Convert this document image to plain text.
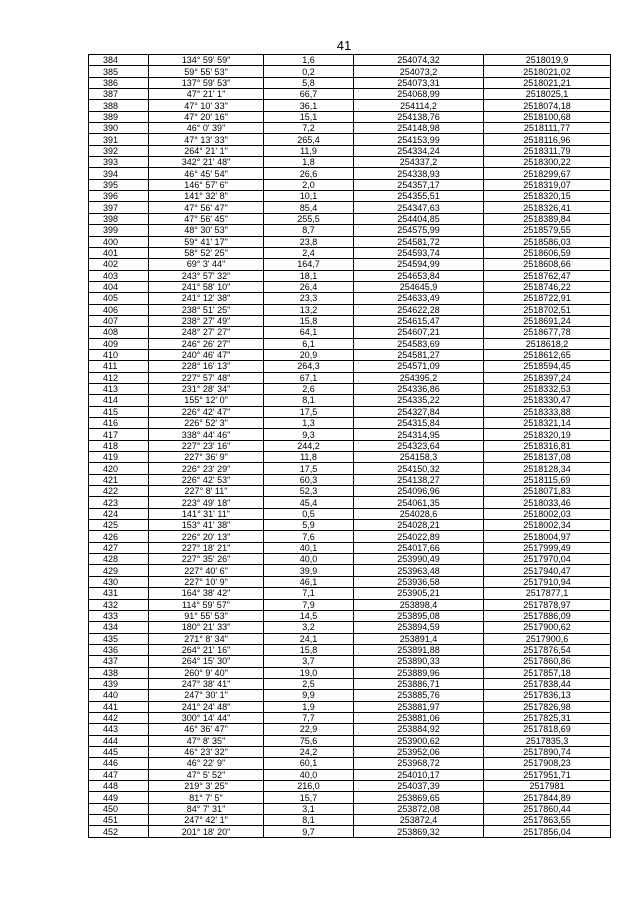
41
384	134° 59' 59"	1,6	254074,32	2518019,9
385	59° 55' 53"	0,2	254073,2	2518021,02
386	137° 59' 53"	5,8	254073,31	2518021,21
387	47° 21' 1"	66,7	254068,99	2518025,1
388	47° 10' 33"	36,1	254114,2	2518074,18
389	47° 20' 16"	15,1	254138,76	2518100,68
390	46° 0' 39"	7,2	254148,98	2518111,77
391	47° 13' 33"	265,4	254153,99	2518116,96
392	264° 21' 1"	11,9	254334,24	2518311,79
393	342° 21' 48"	1,8	254337,2	2518300,22
394	46° 45' 54"	26,6	254338,93	2518299,67
395	146° 57' 6"	2,0	254357,17	2518319,07
396	141° 32' 8"	10,1	254355,51	2518320,15
397	47° 56' 47"	85,4	254347,63	2518326,41
398	47° 56' 45"	255,5	254404,85	2518389,84
399	48° 30' 53"	8,7	254575,99	2518579,55
400	59° 41' 17"	23,8	254581,72	2518586,03
401	58° 52' 25"	2,4	254593,74	2518606,59
402	69° 3' 44"	164,7	254594,99	2518608,66
403	243° 57' 32"	18,1	254653,84	2518762,47
404	241° 58' 10"	26,4	254645,9	2518746,22
405	241° 12' 38"	23,3	254633,49	2518722,91
406	238° 51' 25"	13,2	254622,28	2518702,51
407	238° 27' 49"	15,8	254615,47	2518691,24
408	248° 27' 27"	64,1	254607,21	2518677,78
409	246° 26' 27"	6,1	254583,69	2518618,2
410	240° 46' 47"	20,9	254581,27	2518612,65
411	228° 16' 13"	264,3	254571,09	2518594,45
412	227° 57' 48"	67,1	254395,2	2518397,24
413	231° 28' 34"	2,6	254336,86	2518332,53
414	155° 12' 0"	8,1	254335,22	2518330,47
415	226° 42' 47"	17,5	254327,84	2518333,88
416	226° 52' 3"	1,3	254315,84	2518321,14
417	338° 44' 46"	9,3	254314,95	2518320,19
418	227° 23' 16"	244,2	254323,64	2518316,81
419	227° 36' 9"	11,8	254158,3	2518137,08
420	226° 23' 29"	17,5	254150,32	2518128,34
421	226° 42' 53"	60,3	254138,27	2518115,69
422	227° 8' 11"	52,3	254096,96	2518071,83
423	223° 49' 18"	45,4	254061,35	2518033,46
424	141° 31' 11"	0,5	254028,6	2518002,03
425	153° 41' 38"	5,9	254028,21	2518002,34
426	226° 20' 13"	7,6	254022,89	2518004,97
427	227° 18' 21"	40,1	254017,66	2517999,49
428	227° 35' 26"	40,0	253990,49	2517970,04
429	227° 40' 6"	39,9	253963,48	2517940,47
430	227° 10' 9"	46,1	253936,58	2517910,94
431	164° 38' 42"	7,1	253905,21	2517877,1
432	114° 59' 57"	7,9	253898,4	2517878,97
433	91° 55' 53"	14,5	253895,08	2517886,09
434	180° 21' 33"	3,2	253894,59	2517900,62
435	271° 8' 34"	24,1	253891,4	2517900,6
436	264° 21' 16"	15,8	253891,88	2517876,54
437	264° 15' 30"	3,7	253890,33	2517860,86
438	260° 9' 40"	19,0	253889,96	2517857,18
439	247° 38' 41"	2,5	253886,71	2517838,44
440	247° 30' 1"	9,9	253885,76	2517836,13
441	241° 24' 48"	1,9	253881,97	2517826,98
442	300° 14' 44"	7,7	253881,06	2517825,31
443	46° 36' 47"	22,9	253884,92	2517818,69
444	47° 8' 35"	75,6	253900,62	2517835,3
445	46° 23' 32"	24,2	253952,06	2517890,74
446	46° 22' 9"	60,1	253968,72	2517908,23
447	47° 5' 52"	40,0	254010,17	2517951,71
448	219° 3' 25"	216,0	254037,39	2517981
449	81° 7' 5"	15,7	253869,65	2517844,89
450	84° 7' 31"	3,1	253872,08	2517860,44
451	247° 42' 1"	8,1	253872,4	2517863,55
452	201° 18' 20"	9,7	253869,32	2517856,04
